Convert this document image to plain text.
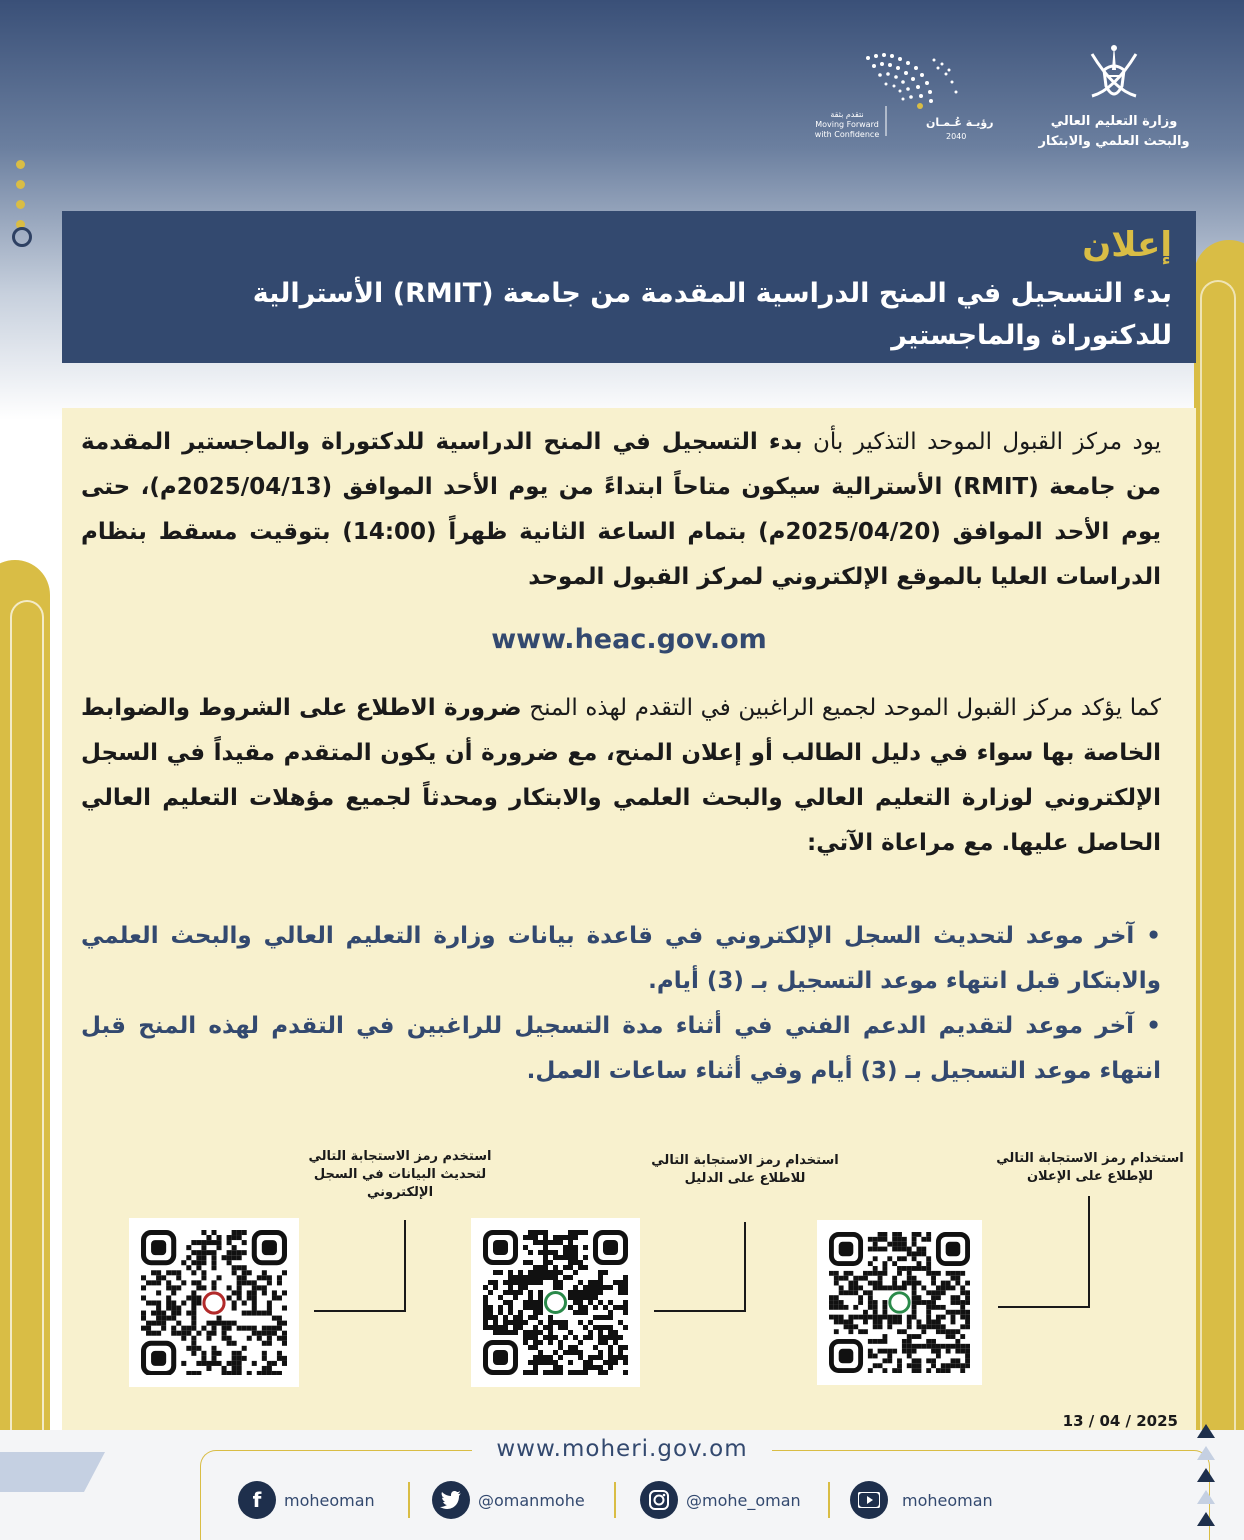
وزارة التعليم العالي
والبحث العلمي والابتكار
رؤيـة عُـمـان
2040
نتقدم بثقة
Moving Forward with Confidence
إعلان
بدء التسجيل في المنح الدراسية المقدمة من جامعة (RMIT) الأسترالية
للدكتوراة والماجستير
يود مركز القبول الموحد التذكير بأن بدء التسجيل في المنح الدراسية للدكتوراة والماجستير المقدمة من جامعة (RMIT) الأسترالية سيكون متاحاً ابتداءً من يوم الأحد الموافق (2025/04/13م)، حتى يوم الأحد الموافق (2025/04/20م) بتمام الساعة الثانية ظهراً (14:00) بتوقيت مسقط بنظام الدراسات العليا بالموقع الإلكتروني لمركز القبول الموحد
www.heac.gov.om
كما يؤكد مركز القبول الموحد لجميع الراغبين في التقدم لهذه المنح ضرورة الاطلاع على الشروط والضوابط الخاصة بها سواء في دليل الطالب أو إعلان المنح، مع ضرورة أن يكون المتقدم مقيداً في السجل الإلكتروني لوزارة التعليم العالي والبحث العلمي والابتكار ومحدثاً لجميع مؤهلات التعليم العالي الحاصل عليها. مع مراعاة الآتي:
• آخر موعد لتحديث السجل الإلكتروني في قاعدة بيانات وزارة التعليم العالي والبحث العلمي والابتكار قبل انتهاء موعد التسجيل بـ (3) أيام.
• آخر موعد لتقديم الدعم الفني في أثناء مدة التسجيل للراغبين في التقدم لهذه المنح قبل انتهاء موعد التسجيل بـ (3) أيام وفي أثناء ساعات العمل.
استخدام رمز الاستجابة التالي للإطلاع على الإعلان
استخدام رمز الاستجابة التالي للاطلاع على الدليل
استخدم رمز الاستجابة التالي لتحديث البيانات في السجل الإلكتروني
13 / 04 / 2025
www.moheri.gov.om
f	moheoman	@omanmohe	@mohe_oman	moheoman
